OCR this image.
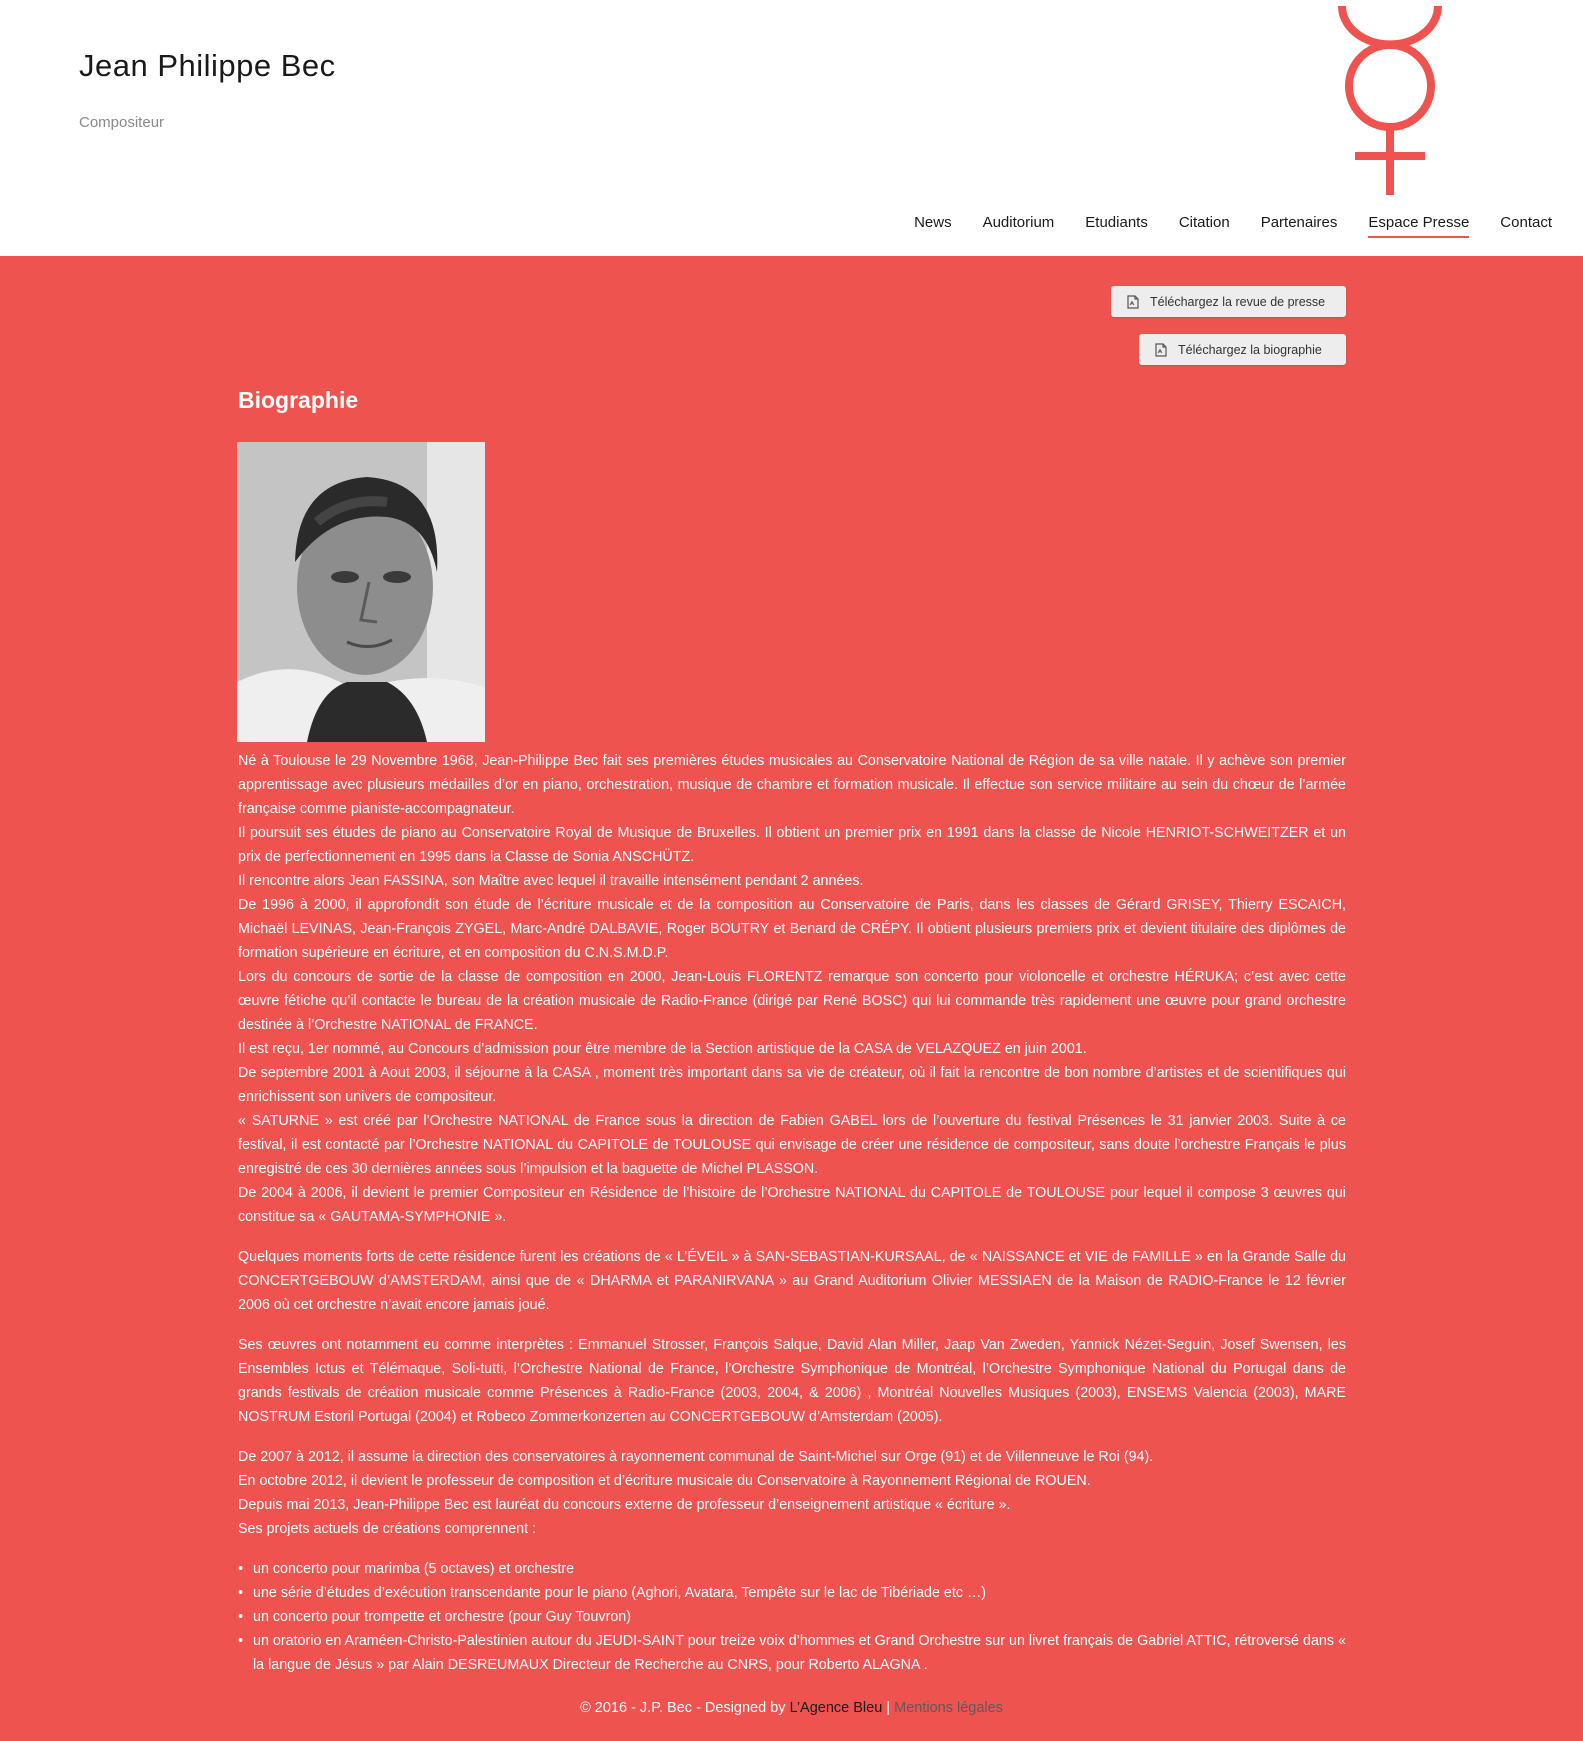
Jean Philippe Bec
Compositeur
News Auditorium Etudiants Citation Partenaires Espace Presse Contact
Téléchargez la revue de presse
Téléchargez la biographie
Biographie

Né à Toulouse le 29 Novembre 1968, Jean-Philippe Bec fait ses premières études musicales au Conservatoire National de Région de sa ville natale. Il y achève son premier apprentissage avec plusieurs médailles d’or en piano, orchestration, musique de chambre et formation musicale. Il effectue son service militaire au sein du chœur de l’armée française comme pianiste-accompagnateur.

Il poursuit ses études de piano au Conservatoire Royal de Musique de Bruxelles. Il obtient un premier prix en 1991 dans la classe de Nicole HENRIOT-SCHWEITZER et un prix de perfectionnement en 1995 dans la Classe de Sonia ANSCHÜTZ.

Il rencontre alors Jean FASSINA, son Maître avec lequel il travaille intensément pendant 2 années.

De 1996 à 2000, il approfondit son étude de l’écriture musicale et de la composition au Conservatoire de Paris, dans les classes de Gérard GRISEY, Thierry ESCAICH, Michaël LEVINAS, Jean-François ZYGEL, Marc-André DALBAVIE, Roger BOUTRY et Benard de CRÉPY. Il obtient plusieurs premiers prix et devient titulaire des diplômes de formation supérieure en écriture, et en composition du C.N.S.M.D.P.

Lors du concours de sortie de la classe de composition en 2000, Jean-Louis FLORENTZ remarque son concerto pour violoncelle et orchestre HÉRUKA; c’est avec cette œuvre fétiche qu’il contacte le bureau de la création musicale de Radio-France (dirigé par René BOSC) qui lui commande très rapidement une œuvre pour grand orchestre destinée à l’Orchestre NATIONAL de FRANCE.

Il est reçu, 1er nommé, au Concours d’admission pour être membre de la Section artistique de la CASA de VELAZQUEZ en juin 2001.

De septembre 2001 à Aout 2003, il séjourne à la CASA , moment très important dans sa vie de créateur, où il fait la rencontre de bon nombre d’artistes et de scientifiques qui enrichissent son univers de compositeur.

« SATURNE » est créé par l’Orchestre NATIONAL de France sous la direction de Fabien GABEL lors de l’ouverture du festival Présences le 31 janvier 2003. Suite à ce festival, il est contacté par l’Orchestre NATIONAL du CAPITOLE de TOULOUSE qui envisage de créer une résidence de compositeur, sans doute l’orchestre Français le plus enregistré de ces 30 dernières années sous l’impulsion et la baguette de Michel PLASSON.

De 2004 à 2006, il devient le premier Compositeur en Résidence de l’histoire de l’Orchestre NATIONAL du CAPITOLE de TOULOUSE pour lequel il compose 3 œuvres qui constitue sa « GAUTAMA-SYMPHONIE ».

Quelques moments forts de cette résidence furent les créations de « L’ÉVEIL » à SAN-SEBASTIAN-KURSAAL, de « NAISSANCE et VIE de FAMILLE » en la Grande Salle du CONCERTGEBOUW d’AMSTERDAM, ainsi que de « DHARMA et PARANIRVANA » au Grand Auditorium Olivier MESSIAEN de la Maison de RADIO-France le 12 février 2006 où cet orchestre n’avait encore jamais joué.

Ses œuvres ont notamment eu comme interprètes : Emmanuel Strosser, François Salque, David Alan Miller, Jaap Van Zweden, Yannick Nézet-Seguin, Josef Swensen, les Ensembles Ictus et Télémaque, Soli-tutti, l’Orchestre National de France, l’Orchestre Symphonique de Montréal, l’Orchestre Symphonique National du Portugal dans de grands festivals de création musicale comme Présences à Radio-France (2003, 2004, & 2006) , Montréal Nouvelles Musiques (2003), ENSEMS Valencia (2003), MARE NOSTRUM Estoril Portugal (2004) et Robeco Zommerkonzerten au CONCERTGEBOUW d’Amsterdam (2005).

De 2007 à 2012, il assume la direction des conservatoires à rayonnement communal de Saint-Michel sur Orge (91) et de Villenneuve le Roi (94).

En octobre 2012, il devient le professeur de composition et d’écriture musicale du Conservatoire à Rayonnement Régional de ROUEN.

Depuis mai 2013, Jean-Philippe Bec est lauréat du concours externe de professeur d’enseignement artistique « écriture ».

Ses projets actuels de créations comprennent :

• un concerto pour marimba (5 octaves) et orchestre
• une série d’études d’exécution transcendante pour le piano (Aghori, Avatara, Tempête sur le lac de Tibériade etc …)
• un concerto pour trompette et orchestre (pour Guy Touvron)
• un oratorio en Araméen-Christo-Palestinien autour du JEUDI-SAINT pour treize voix d’hommes et Grand Orchestre sur un livret français de Gabriel ATTIC, rétroversé dans « la langue de Jésus » par Alain DESREUMAUX Directeur de Recherche au CNRS, pour Roberto ALAGNA .
© 2016 - J.P. Bec - Designed by L’Agence Bleu | Mentions légales
